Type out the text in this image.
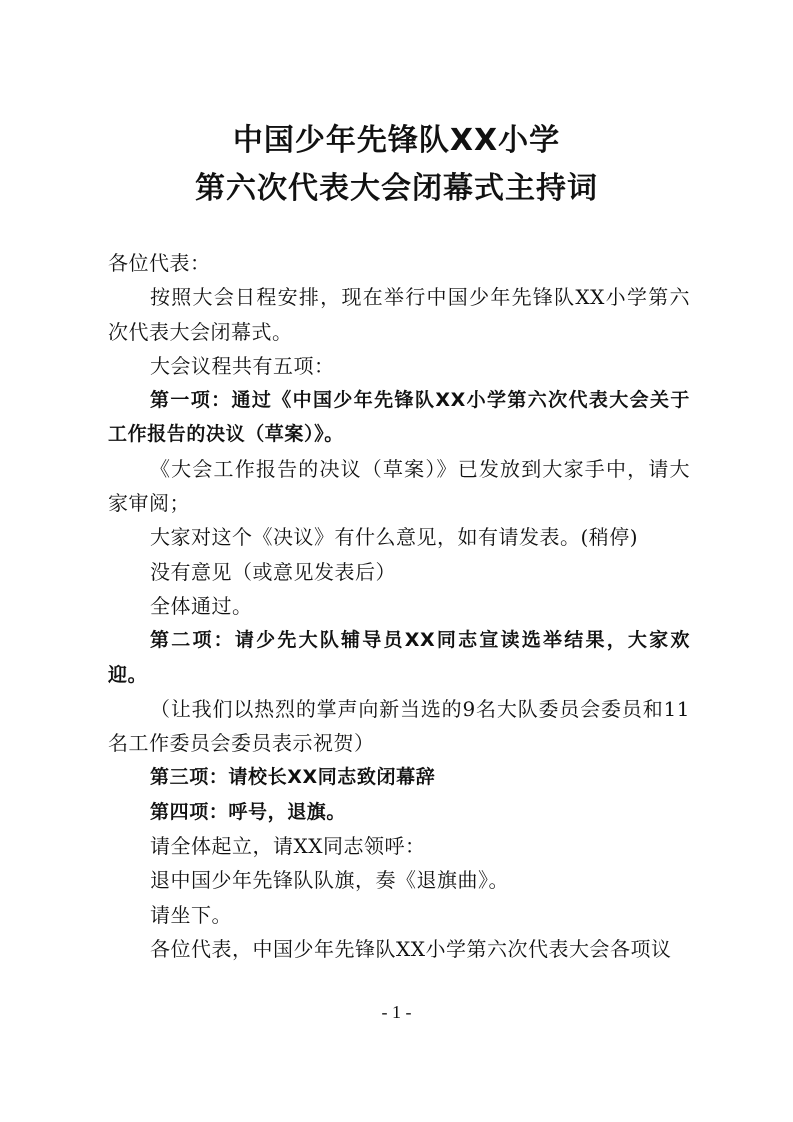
中国少年先锋队XX小学
第六次代表大会闭幕式主持词

各位代表：

按照大会日程安排，现在举行中国少年先锋队XX小学第六次代表大会闭幕式。

大会议程共有五项：

第一项：通过《中国少年先锋队XX小学第六次代表大会关于工作报告的决议（草案）》。

《大会工作报告的决议（草案）》已发放到大家手中，请大家审阅；

大家对这个《决议》有什么意见，如有请发表。(稍停)

没有意见（或意见发表后）

全体通过。

第二项：请少先大队辅导员XX同志宣读选举结果，大家欢迎。

（让我们以热烈的掌声向新当选的9名大队委员会委员和11名工作委员会委员表示祝贺）

第三项：请校长XX同志致闭幕辞

第四项：呼号，退旗。

请全体起立，请XX同志领呼：

退中国少年先锋队队旗，奏《退旗曲》。

请坐下。

各位代表，中国少年先锋队XX小学第六次代表大会各项议

- 1 -
